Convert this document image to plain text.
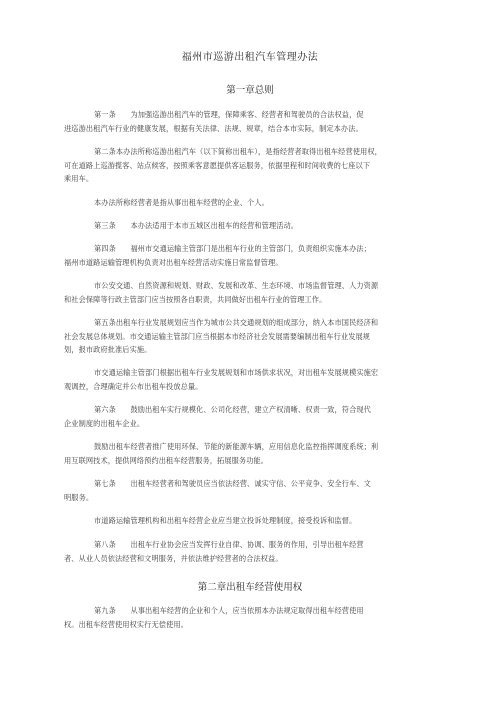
福州市巡游出租汽车管理办法
第一章总则
第一条　　为加强巡游出租汽车的管理，保障乘客、经营者和驾驶员的合法权益，促
进巡游出租汽车行业的健康发展，根据有关法律、法规、规章，结合本市实际，制定本办法。
第二条本办法所称巡游出租汽车（以下简称出租车），是指经营者取得出租车经营使用权，
可在道路上巡游揽客、站点候客，按照乘客意愿提供客运服务，依据里程和时间收费的七座以下
乘用车。
本办法所称经营者是指从事出租车经营的企业、个人。
第三条　　本办法适用于本市五城区出租车的经营和管理活动。
第四条　　福州市交通运输主管部门是出租车行业的主管部门，负责组织实施本办法；
福州市道路运输管理机构负责对出租车经营活动实施日常监督管理。
市公安交通、自然资源和规划、财政、发展和改革、生态环境、市场监督管理、人力资源
和社会保障等行政主管部门应当按照各自职责，共同做好出租车行业的管理工作。
第五条出租车行业发展规划应当作为城市公共交通规划的组成部分，纳入本市国民经济和
社会发展总体规划。市交通运输主管部门应当根据本市经济社会发展需要编制出租车行业发展规
划，报市政府批准后实施。
市交通运输主管部门根据出租车行业发展规划和市场供求状况，对出租车发展规模实施宏
观调控，合理确定并公布出租车投放总量。
第六条　　鼓励出租车实行规模化、公司化经营，建立产权清晰、权责一致，符合现代
企业制度的出租车企业。
鼓励出租车经营者推广使用环保、节能的新能源车辆，应用信息化监控指挥调度系统；利
用互联网技术，提供网络预约出租车经营服务，拓展服务功能。
第七条　　出租车经营者和驾驶员应当依法经营、诚实守信、公平竞争、安全行车、文
明服务。
市道路运输管理机构和出租车经营企业应当建立投诉处理制度，接受投诉和监督。
第八条　　出租车行业协会应当发挥行业自律、协调、服务的作用，引导出租车经营
者、从业人员依法经营和文明服务，并依法维护经营者的合法权益。
第二章出租车经营使用权
第九条　　从事出租车经营的企业和个人，应当依照本办法规定取得出租车经营使用
权。出租车经营使用权实行无偿使用。
